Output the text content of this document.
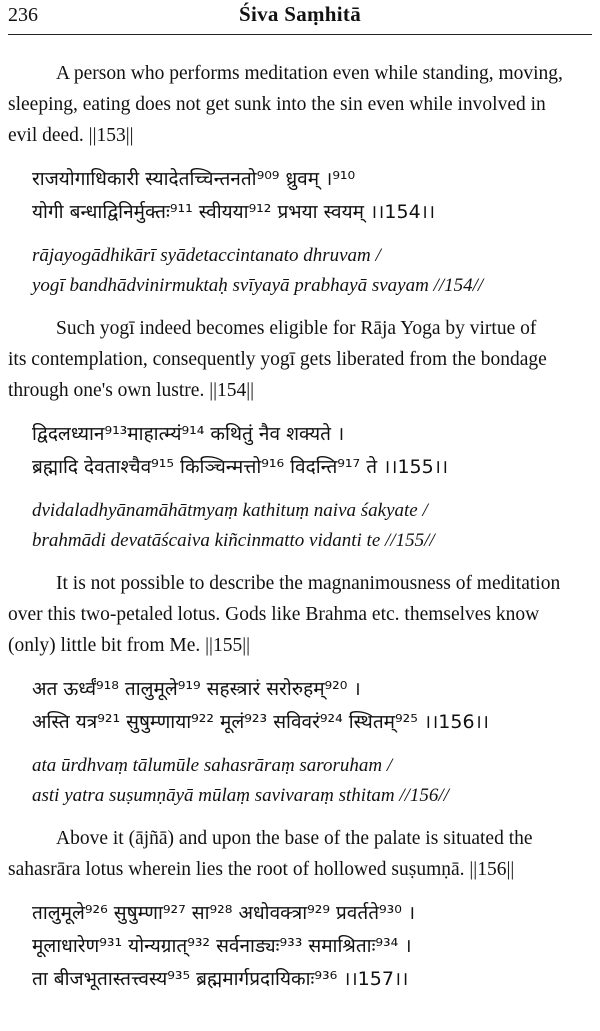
236	Śiva Saṃhitā

A person who performs meditation even while standing, moving,
sleeping, eating does not get sunk into the sin even while involved in
evil deed. ||153||

राजयोगाधिकारी स्यादेतच्चिन्तनतो⁹⁰⁹ ध्रुवम् ।⁹¹⁰

योगी बन्धाद्विनिर्मुक्तः⁹¹¹ स्वीयया⁹¹² प्रभया स्वयम् ।।154।।

rājayogādhikārī syādetaccintanato dhruvam /

yogī bandhādvinirmuktaḥ svīyayā prabhayā svayam //154//

Such yogī indeed becomes eligible for Rāja Yoga by virtue of
its contemplation, consequently yogī gets liberated from the bondage
through one's own lustre. ||154||

द्विदलध्यान⁹¹³माहात्म्यं⁹¹⁴ कथितुं नैव शक्यते ।

ब्रह्मादि देवताश्चैव⁹¹⁵ किञ्चिन्मत्तो⁹¹⁶ विदन्ति⁹¹⁷ ते ।।155।।

dvidaladhyānamāhātmyaṃ kathituṃ naiva śakyate /

brahmādi devatāścaiva kiñcinmatto vidanti te //155//

It is not possible to describe the magnanimousness of meditation
over this two-petaled lotus. Gods like Brahma etc. themselves know
(only) little bit from Me. ||155||

अत ऊर्ध्वं⁹¹⁸ तालुमूले⁹¹⁹ सहस्त्रारं सरोरुहम्⁹²⁰ ।

अस्ति यत्र⁹²¹ सुषुम्णाया⁹²² मूलं⁹²³ सविवरं⁹²⁴ स्थितम्⁹²⁵ ।।156।।

ata ūrdhvaṃ tālumūle sahasrāraṃ saroruham /

asti yatra suṣumṇāyā mūlaṃ savivaraṃ sthitam //156//

Above it (ājñā) and upon the base of the palate is situated the
sahasrāra lotus wherein lies the root of hollowed suṣumṇā. ||156||

तालुमूले⁹²⁶ सुषुम्णा⁹²⁷ सा⁹²⁸ अधोवक्त्रा⁹²⁹ प्रवर्तते⁹³⁰ ।

मूलाधारेण⁹³¹ योन्यग्रात्⁹³² सर्वनाड्यः⁹³³ समाश्रिताः⁹³⁴ ।

ता बीजभूतास्तत्त्वस्य⁹³⁵ ब्रह्ममार्गप्रदायिकाः⁹³⁶ ।।157।।
